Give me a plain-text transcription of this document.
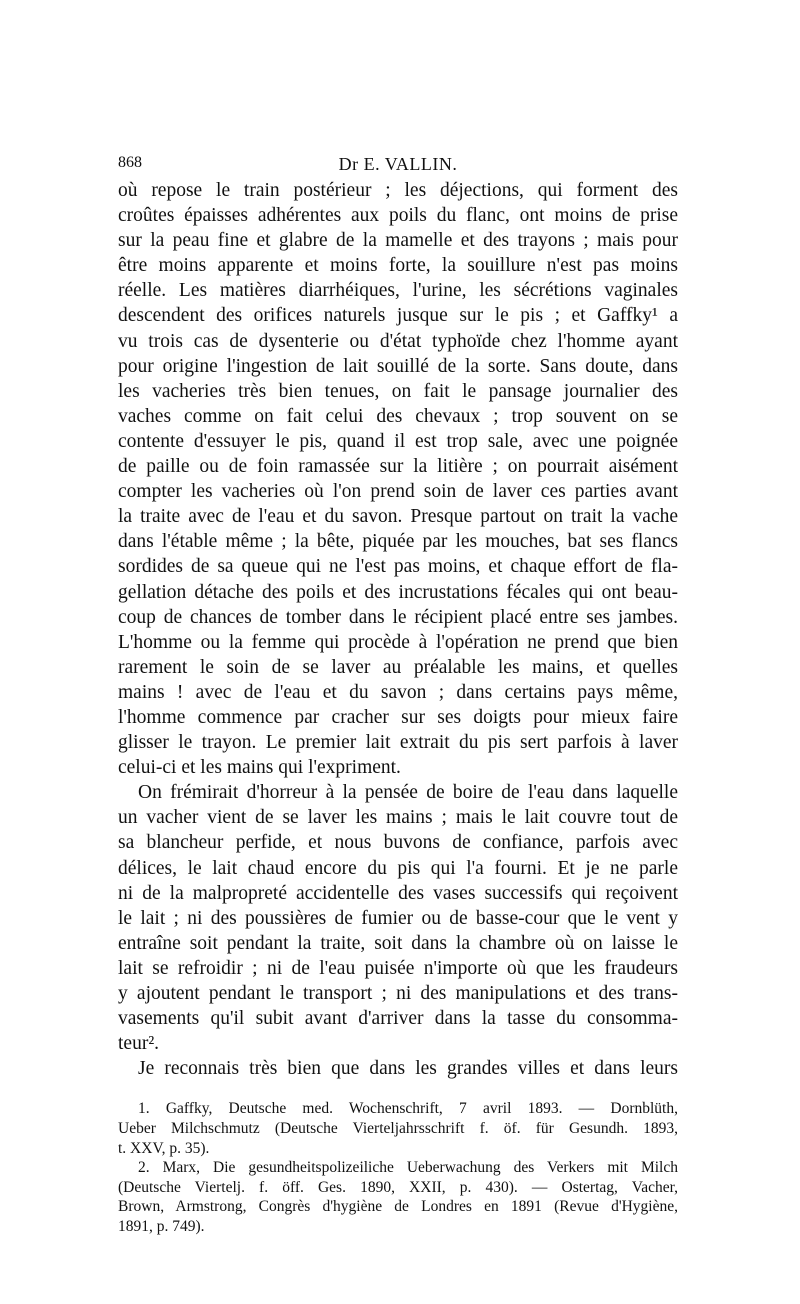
868	Dr E. VALLIN.
où repose le train postérieur ; les déjections, qui forment des
croûtes épaisses adhérentes aux poils du flanc, ont moins de prise
sur la peau fine et glabre de la mamelle et des trayons ; mais pour
être moins apparente et moins forte, la souillure n'est pas moins
réelle. Les matières diarrhéiques, l'urine, les sécrétions vaginales
descendent des orifices naturels jusque sur le pis ; et Gaffky¹ a
vu trois cas de dysenterie ou d'état typhoïde chez l'homme ayant
pour origine l'ingestion de lait souillé de la sorte. Sans doute, dans
les vacheries très bien tenues, on fait le pansage journalier des
vaches comme on fait celui des chevaux ; trop souvent on se
contente d'essuyer le pis, quand il est trop sale, avec une poignée
de paille ou de foin ramassée sur la litière ; on pourrait aisément
compter les vacheries où l'on prend soin de laver ces parties avant
la traite avec de l'eau et du savon. Presque partout on trait la vache
dans l'étable même ; la bête, piquée par les mouches, bat ses flancs
sordides de sa queue qui ne l'est pas moins, et chaque effort de fla-
gellation détache des poils et des incrustations fécales qui ont beau-
coup de chances de tomber dans le récipient placé entre ses jambes.
L'homme ou la femme qui procède à l'opération ne prend que bien
rarement le soin de se laver au préalable les mains, et quelles
mains ! avec de l'eau et du savon ; dans certains pays même,
l'homme commence par cracher sur ses doigts pour mieux faire
glisser le trayon. Le premier lait extrait du pis sert parfois à laver
celui-ci et les mains qui l'expriment.
On frémirait d'horreur à la pensée de boire de l'eau dans laquelle
un vacher vient de se laver les mains ; mais le lait couvre tout de
sa blancheur perfide, et nous buvons de confiance, parfois avec
délices, le lait chaud encore du pis qui l'a fourni. Et je ne parle
ni de la malpropreté accidentelle des vases successifs qui reçoivent
le lait ; ni des poussières de fumier ou de basse-cour que le vent y
entraîne soit pendant la traite, soit dans la chambre où on laisse le
lait se refroidir ; ni de l'eau puisée n'importe où que les fraudeurs
y ajoutent pendant le transport ; ni des manipulations et des trans-
vasements qu'il subit avant d'arriver dans la tasse du consomma-
teur².
Je reconnais très bien que dans les grandes villes et dans leurs
1. Gaffky, Deutsche med. Wochenschrift, 7 avril 1893. — Dornblüth,
Ueber Milchschmutz (Deutsche Vierteljahrsschrift f. öf. für Gesundh. 1893,
t. XXV, p. 35).
2. Marx, Die gesundheitspolizeiliche Ueberwachung des Verkers mit Milch
(Deutsche Viertelj. f. öff. Ges. 1890, XXII, p. 430). — Ostertag, Vacher,
Brown, Armstrong, Congrès d'hygiène de Londres en 1891 (Revue d'Hygiène,
1891, p. 749).
